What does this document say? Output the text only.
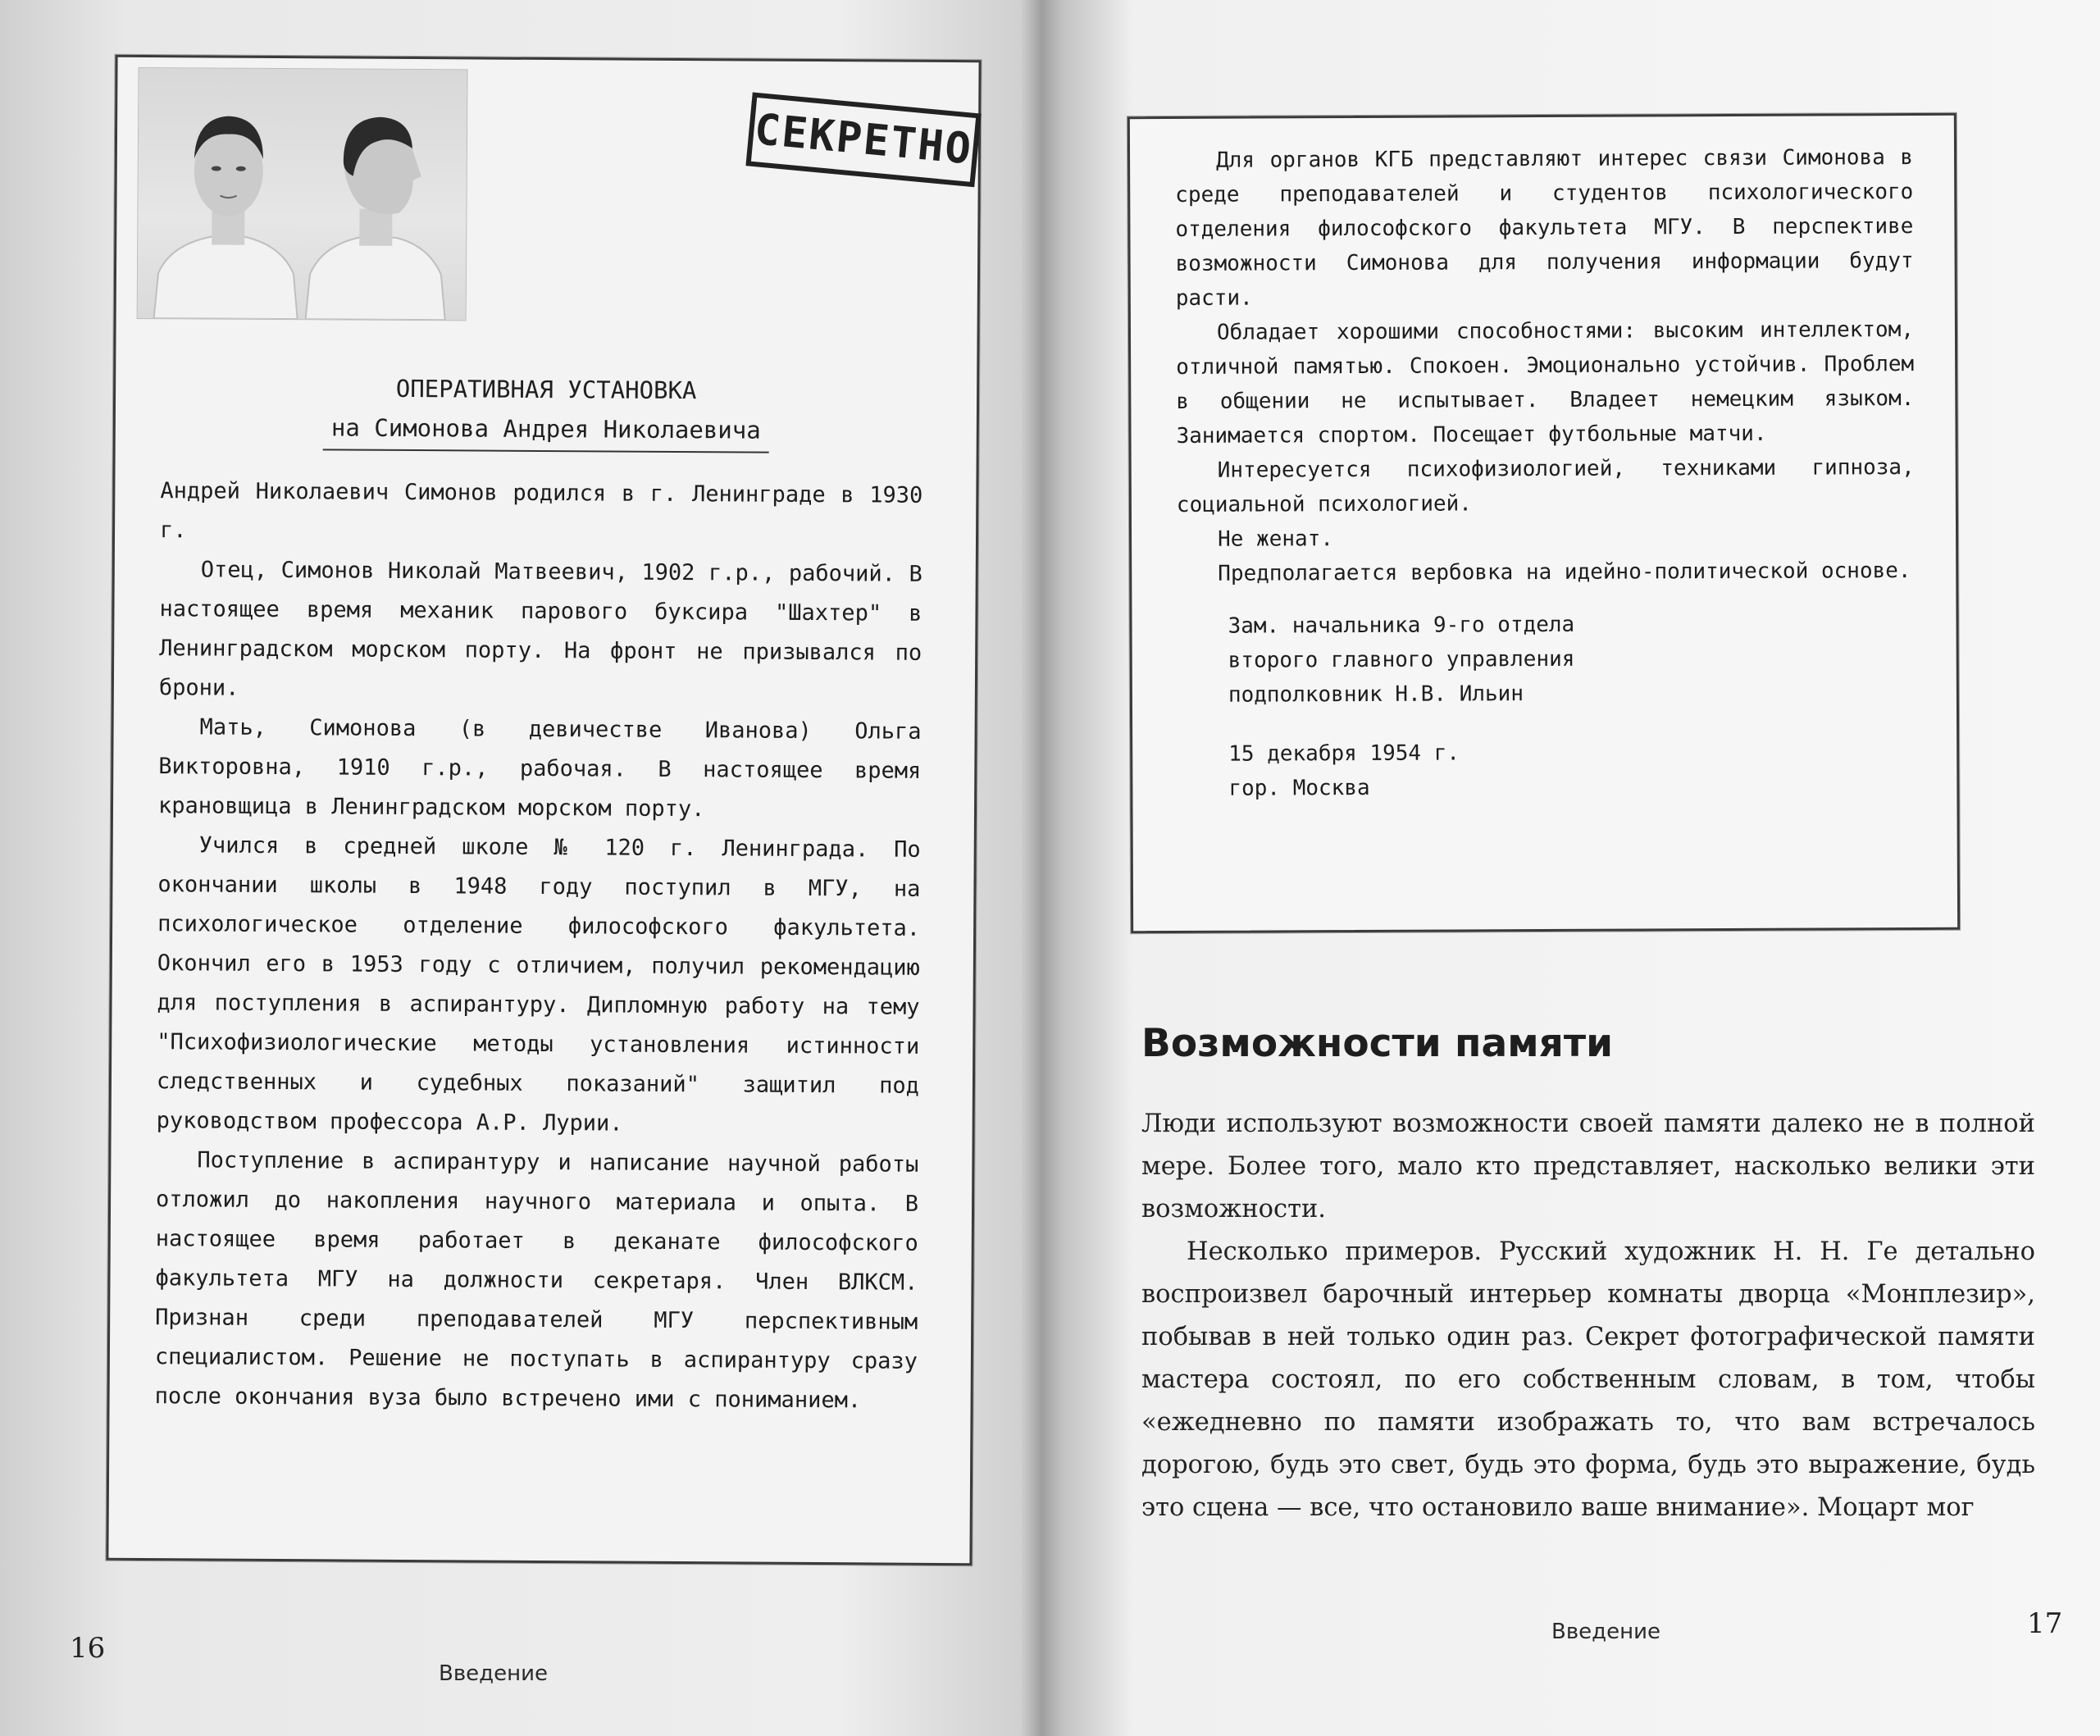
СЕКРЕТНО
ОПЕРАТИВНАЯ УСТАНОВКА
на Симонова Андрея Николаевича

Андрей Николаевич Симонов родился в г. Ленинграде в 1930 г.

Отец, Симонов Николай Матвеевич, 1902 г.р., рабочий. В настоящее время механик парового буксира "Шахтер" в Ленинградском морском порту. На фронт не призывался по брони.

Мать, Симонова (в девичестве Иванова) Ольга Викторовна, 1910 г.р., рабочая. В настоящее время крановщица в Ленинградском морском порту.

Учился в средней школе № 120 г. Ленинграда. По окончании школы в 1948 году поступил в МГУ, на психологическое отделение философского факультета. Окончил его в 1953 году с отличием, получил рекомендацию для поступления в аспирантуру. Дипломную работу на тему "Психофизиологические методы установления истинности следственных и судебных показаний" защитил под руководством профессора А.Р. Лурии.

Поступление в аспирантуру и написание научной работы отложил до накопления научного материала и опыта. В настоящее время работает в деканате философского факультета МГУ на должности секретаря. Член ВЛКСМ. Признан среди преподавателей МГУ перспективным специалистом. Решение не поступать в аспирантуру сразу после окончания вуза было встречено ими с пониманием.

16
Введение

Для органов КГБ представляют интерес связи Симонова в среде преподавателей и студентов психологического отделения философского факультета МГУ. В перспективе возможности Симонова для получения информации будут расти.

Обладает хорошими способностями: высоким интеллектом, отличной памятью. Спокоен. Эмоционально устойчив. Проблем в общении не испытывает. Владеет немецким языком. Занимается спортом. Посещает футбольные матчи.

Интересуется психофизиологией, техниками гипноза, социальной психологией.

Не женат.

Предполагается вербовка на идейно-политической основе.

Зам. начальника 9-го отдела

второго главного управления

подполковник Н.В. Ильин

15 декабря 1954 г.

гор. Москва

Возможности памяти

Люди используют возможности своей памяти далеко не в полной мере. Более того, мало кто представляет, насколько велики эти возможности.

Несколько примеров. Русский художник Н. Н. Ге детально воспроизвел барочный интерьер комнаты дворца «Монплезир», побывав в ней только один раз. Секрет фотографической памяти мастера состоял, по его собственным словам, в том, чтобы «ежедневно по памяти изображать то, что вам встречалось дорогою, будь это свет, будь это форма, будь это выражение, будь это сцена — все, что остановило ваше внимание». Моцарт мог

Введение	17
